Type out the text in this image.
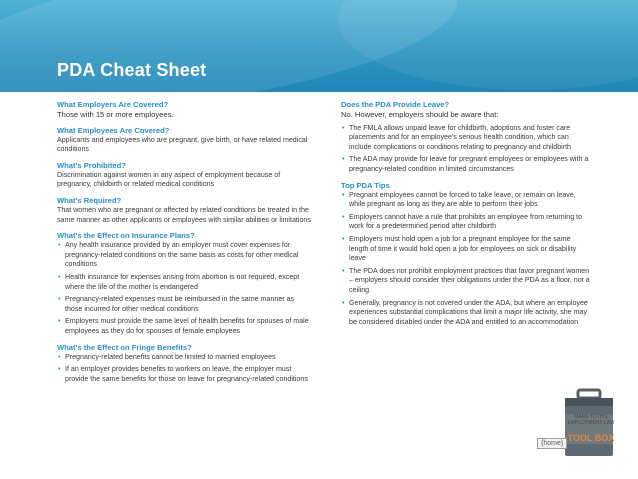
PDA Cheat Sheet
What Employers Are Covered?
Those with 15 or more employees.
What Employees Are Covered?
Applicants and employees who are pregnant, give birth, or have related medical conditions
What's Prohibited?
Discrimination against women in any aspect of employment because of pregnancy, childbirth or related medical conditions
What's Required?
That women who are pregnant or affected by related conditions be treated in the same manner as other applicants or employees with similar abilities or limitations
What's the Effect on Insurance Plans?
• Any health insurance provided by an employer must cover expenses for pregnancy-related conditions on the same basis as costs for other medical conditions
• Health insurance for expenses arising from abortion is not required, except where the life of the mother is endangered
• Pregnancy-related expenses must be reimbursed in the same manner as those incurred for other medical conditions
• Employers must provide the same level of health benefits for spouses of male employees as they do for spouses of female employees
What's the Effect on Fringe Benefits?
• Pregnancy-related benefits cannot be limited to married employees
• If an employer provides benefits to workers on leave, the employer must provide the same benefits for those on leave for pregnancy-related conditions
Does the PDA Provide Leave?
No. However, employers should be aware that:
• The FMLA allows unpaid leave for childbirth, adoptions and foster care placements and for an employee's serious health condition, which can include complications or conditions relating to pregnancy and childbirth
• The ADA may provide for leave for pregnant employees or employees with a pregnancy-related condition in limited circumstances
Top PDA Tips
• Pregnant employees cannot be forced to take leave, or remain on leave, while pregnant as long as they are able to perform their jobs
• Employers cannot have a rule that prohibits an employee from returning to work for a predetermined period after childbirth
• Employers must hold open a job for a pregnant employee for the same length of time it would hold open a job for employees on sick or disability leave
• The PDA does not prohibit employment practices that favor pregnant women – employers should consider their obligations under the PDA as a floor, not a ceiling
• Generally, pregnancy is not covered under the ADA, but where an employee experiences substantial complications that limit a major life activity, she may be considered disabled under the ADA and entitled to an accommodation
MARK TOTH'S
EMPLOYMENT LAW
TOOL BOX
{home}
